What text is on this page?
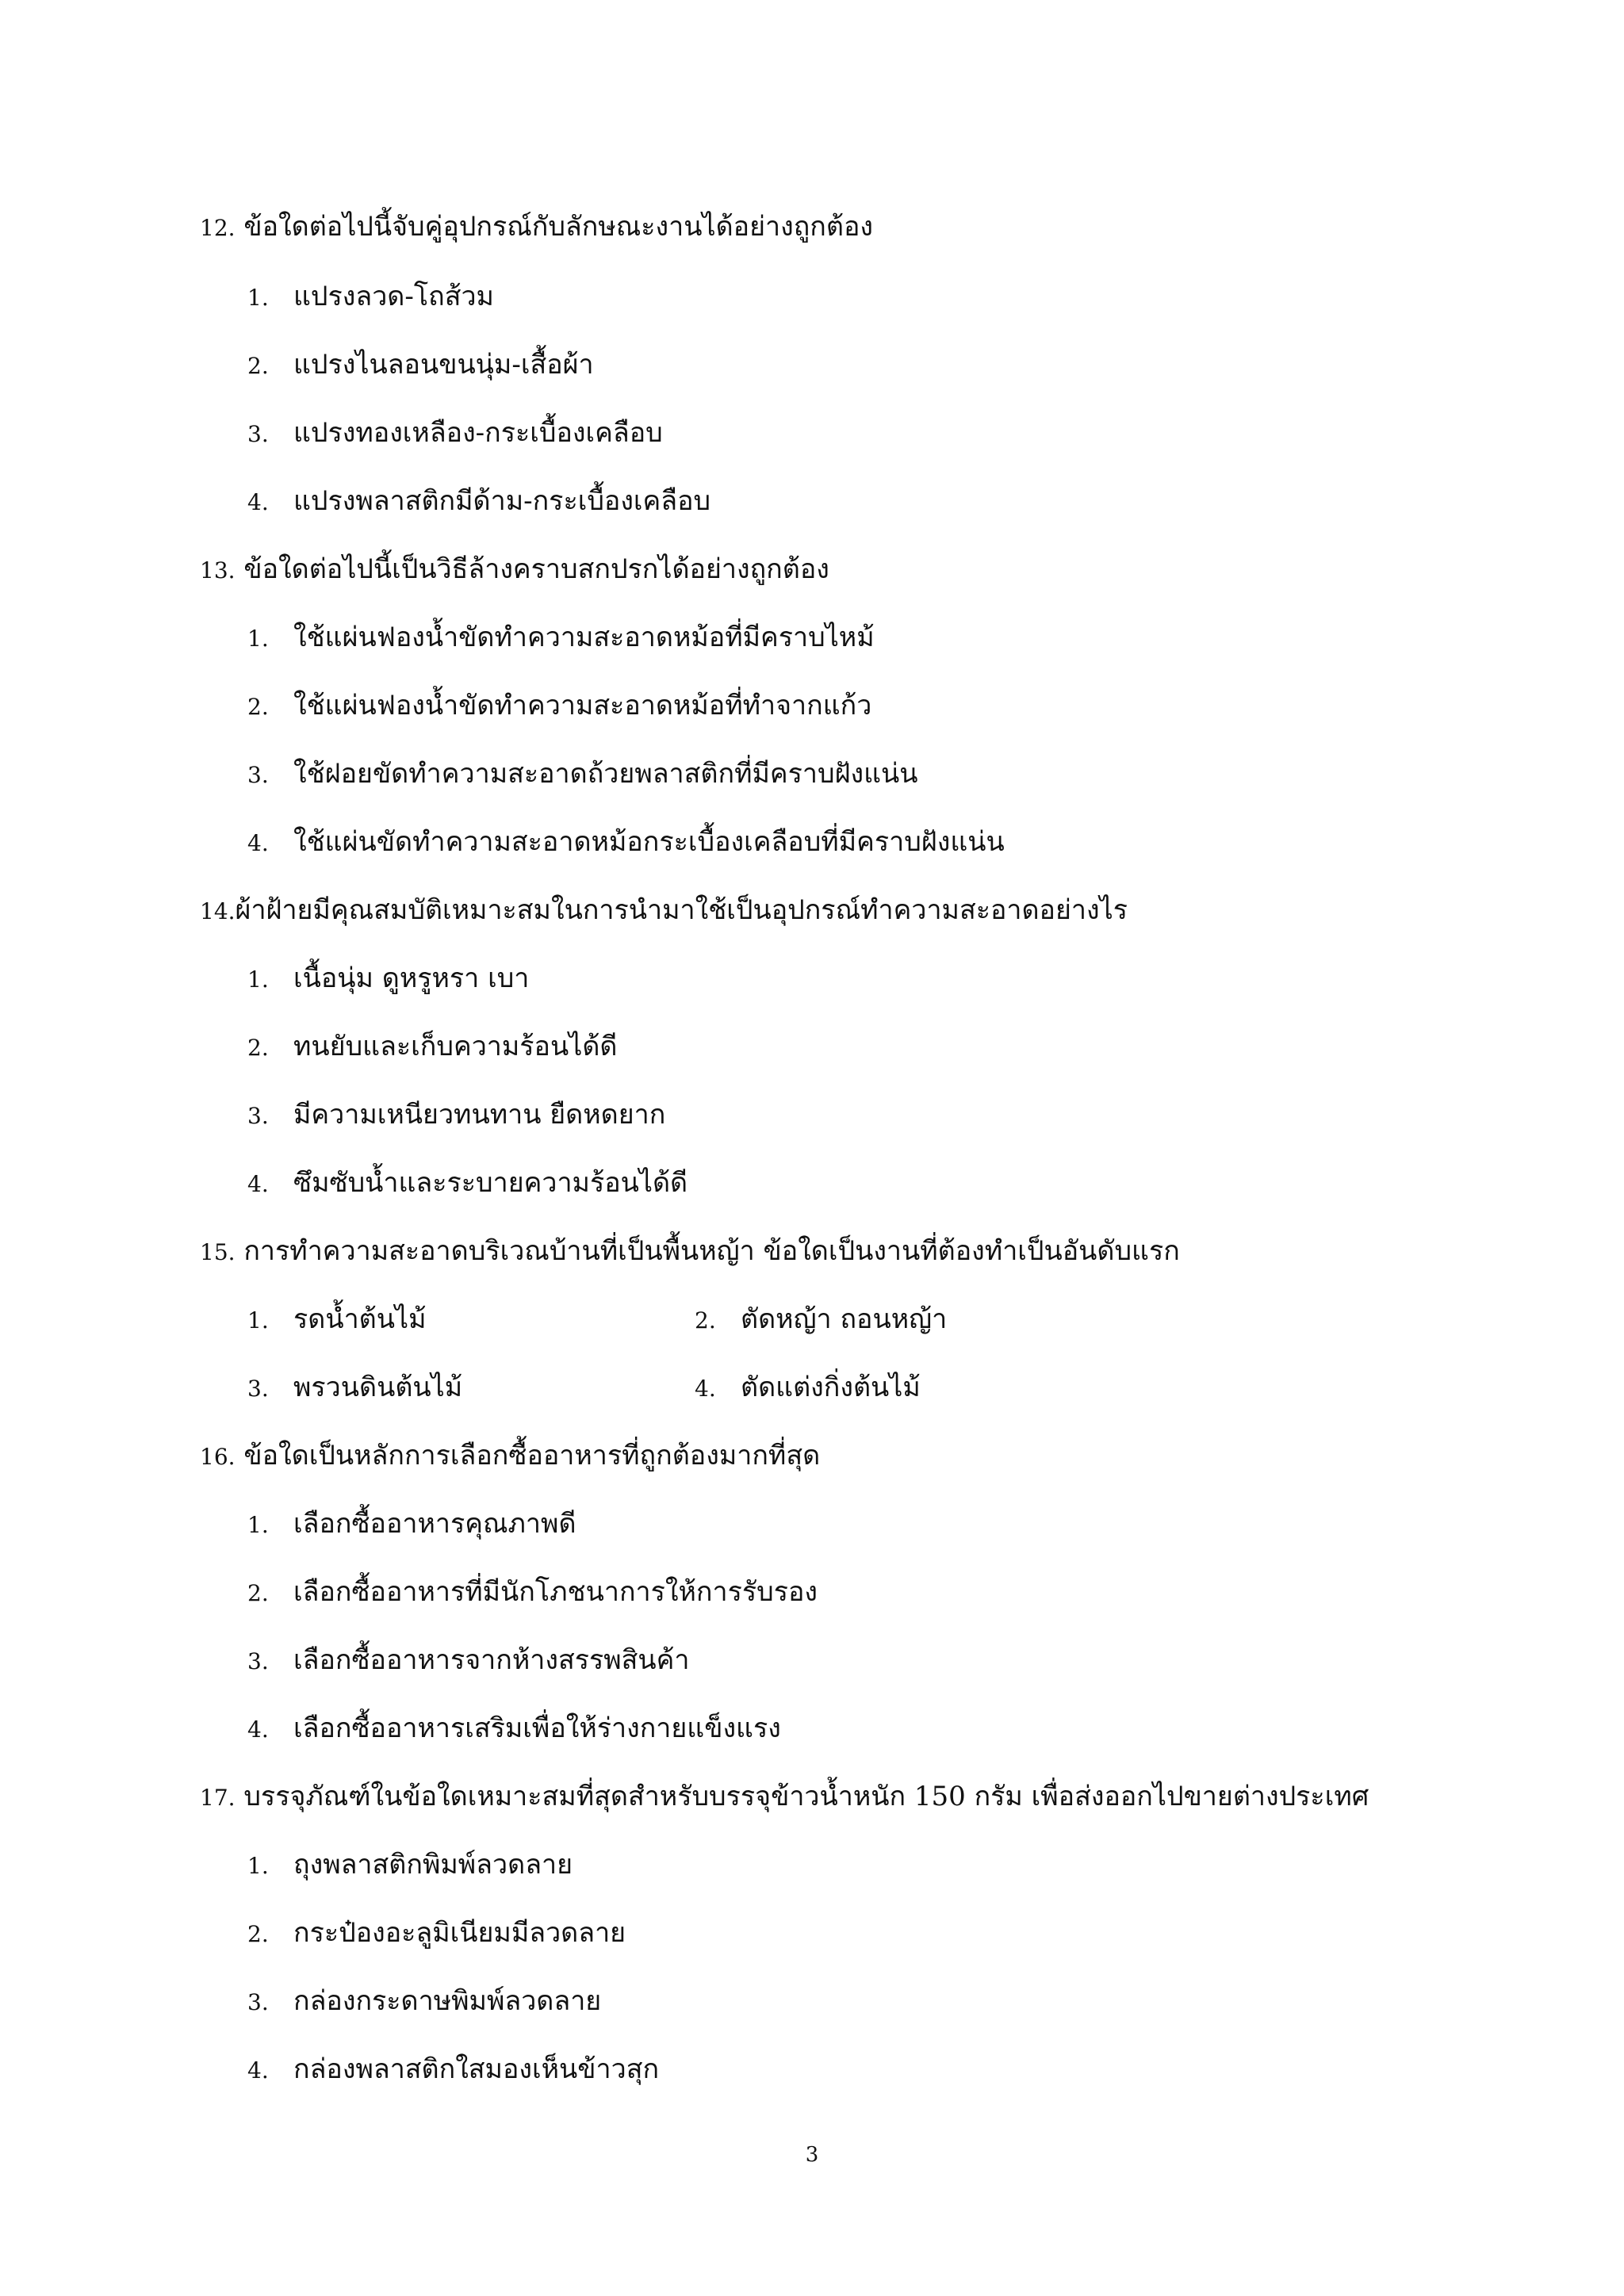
12. ข้อใดต่อไปนี้จับคู่อุปกรณ์กับลักษณะงานได้อย่างถูกต้อง
1. แปรงลวด-โถส้วม
2. แปรงไนลอนขนนุ่ม-เสื้อผ้า
3. แปรงทองเหลือง-กระเบื้องเคลือบ
4. แปรงพลาสติกมีด้าม-กระเบื้องเคลือบ
13. ข้อใดต่อไปนี้เป็นวิธีล้างคราบสกปรกได้อย่างถูกต้อง
1. ใช้แผ่นฟองน้ำขัดทำความสะอาดหม้อที่มีคราบไหม้
2. ใช้แผ่นฟองน้ำขัดทำความสะอาดหม้อที่ทำจากแก้ว
3. ใช้ฝอยขัดทำความสะอาดถ้วยพลาสติกที่มีคราบฝังแน่น
4. ใช้แผ่นขัดทำความสะอาดหม้อกระเบื้องเคลือบที่มีคราบฝังแน่น
14.ผ้าฝ้ายมีคุณสมบัติเหมาะสมในการนำมาใช้เป็นอุปกรณ์ทำความสะอาดอย่างไร
1. เนื้อนุ่ม ดูหรูหรา เบา
2. ทนยับและเก็บความร้อนได้ดี
3. มีความเหนียวทนทาน ยืดหดยาก
4. ซึมซับน้ำและระบายความร้อนได้ดี
15. การทำความสะอาดบริเวณบ้านที่เป็นพื้นหญ้า ข้อใดเป็นงานที่ต้องทำเป็นอันดับแรก
1. รดน้ำต้นไม้	2. ตัดหญ้า ถอนหญ้า
3. พรวนดินต้นไม้	4. ตัดแต่งกิ่งต้นไม้
16. ข้อใดเป็นหลักการเลือกซื้ออาหารที่ถูกต้องมากที่สุด
1. เลือกซื้ออาหารคุณภาพดี
2. เลือกซื้ออาหารที่มีนักโภชนาการให้การรับรอง
3. เลือกซื้ออาหารจากห้างสรรพสินค้า
4. เลือกซื้ออาหารเสริมเพื่อให้ร่างกายแข็งแรง
17. บรรจุภัณฑ์ในข้อใดเหมาะสมที่สุดสำหรับบรรจุข้าวน้ำหนัก 150 กรัม เพื่อส่งออกไปขายต่างประเทศ
1. ถุงพลาสติกพิมพ์ลวดลาย
2. กระป๋องอะลูมิเนียมมีลวดลาย
3. กล่องกระดาษพิมพ์ลวดลาย
4. กล่องพลาสติกใสมองเห็นข้าวสุก
3
